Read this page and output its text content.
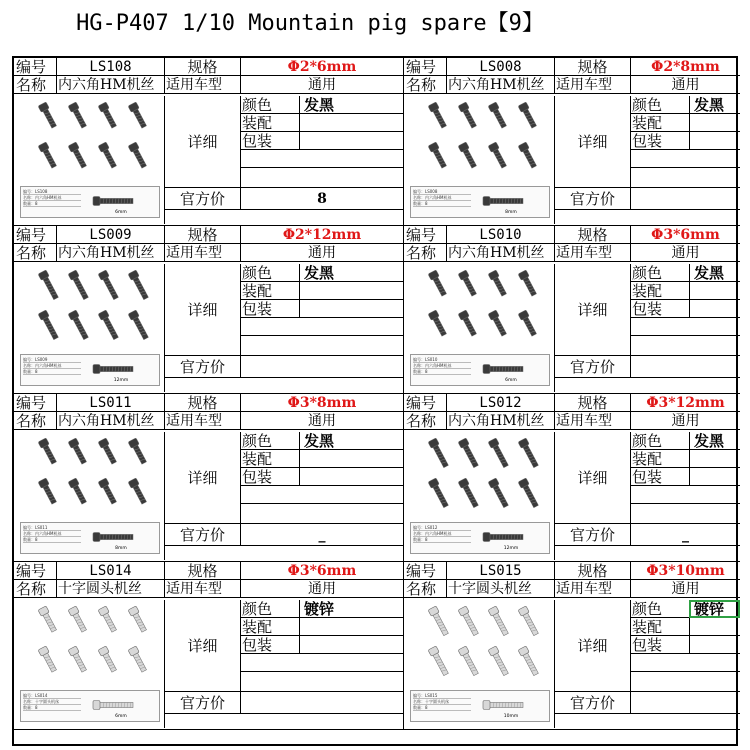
HG-P407 1/10 Mountain pig spare【9】
编号	LS108	规格	Φ2*6mm
名称 内六角HM机丝 适用车型	通用
编号：LS108
名称：内六角HM机丝
数量：8
6mm
详细
颜色	发黑
装配
包装
官方价	8
编号	LS008	规格	Φ2*8mm
名称 内六角HM机丝 适用车型	通用
编号：LS008
名称：内六角HM机丝
数量：8
8mm
详细
颜色	发黑
装配
包装
官方价
编号	LS009	规格	Φ2*12mm
名称 内六角HM机丝 适用车型	通用
编号：LS009
名称：内六角HM机丝
数量：8
12mm
详细
颜色	发黑
装配
包装
官方价
编号	LS010	规格	Φ3*6mm
名称 内六角HM机丝 适用车型	通用
编号：LS010
名称：内六角HM机丝
数量：8
6mm
详细
颜色	发黑
装配
包装
官方价
编号	LS011	规格	Φ3*8mm
名称 内六角HM机丝 适用车型	通用
编号：LS011
名称：内六角HM机丝
数量：8
8mm
详细
颜色	发黑
装配
包装
官方价	_
编号	LS012	规格	Φ3*12mm
名称 内六角HM机丝 适用车型	通用
编号：LS012
名称：内六角HM机丝
数量：8
12mm
详细
颜色	发黑
装配
包装
官方价	_
编号	LS014	规格	Φ3*6mm
名称 十字圆头机丝	适用车型	通用
编号：LS014
名称：十字圆头机丝
数量：8
6mm
详细
颜色	镀锌
装配
包装
官方价
编号	LS015	规格	Φ3*10mm
名称 十字圆头机丝	适用车型	通用
编号：LS015
名称：十字圆头机丝
数量：8
10mm
详细
颜色	镀锌
装配
包装
官方价
